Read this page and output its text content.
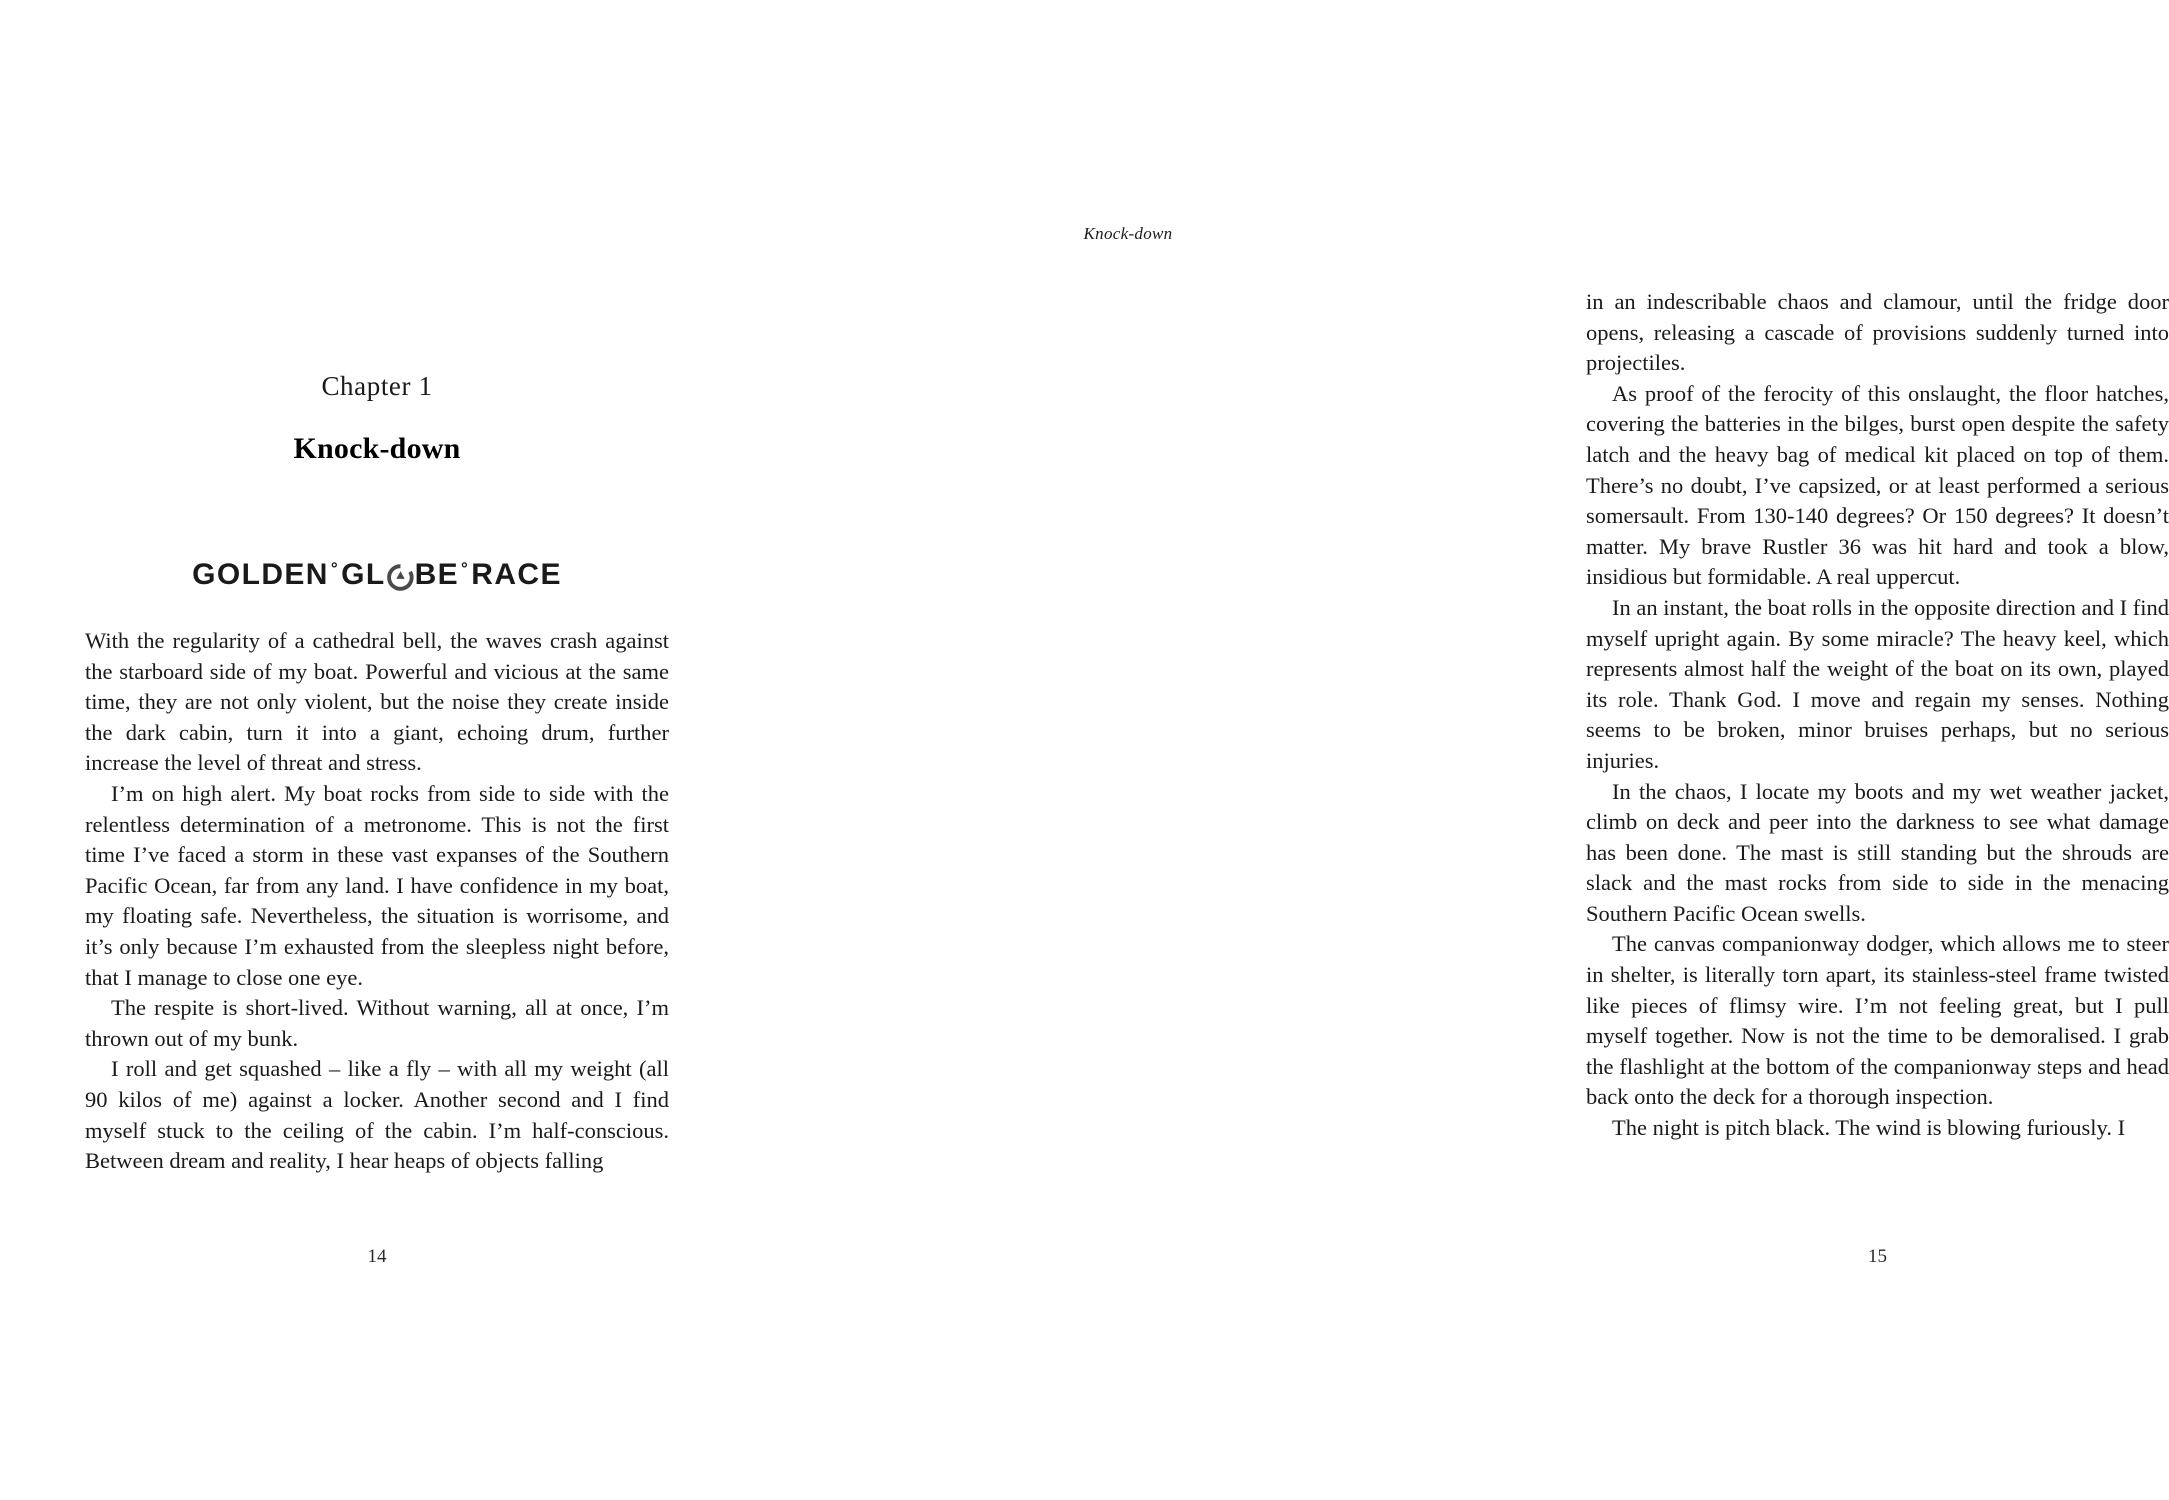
Chapter 1
Knock-down
GOLDEN ° GL BE ° RACE

With the regularity of a cathedral bell, the waves crash against the starboard side of my boat. Powerful and vicious at the same time, they are not only violent, but the noise they create inside the dark cabin, turn it into a giant, echoing drum, further increase the level of threat and stress.

I’m on high alert. My boat rocks from side to side with the relentless determination of a metronome. This is not the first time I’ve faced a storm in these vast expanses of the Southern Pacific Ocean, far from any land. I have confidence in my boat, my floating safe. Nevertheless, the situation is worrisome, and it’s only because I’m exhausted from the sleepless night before, that I manage to close one eye.

The respite is short-lived. Without warning, all at once, I’m thrown out of my bunk.

I roll and get squashed – like a fly – with all my weight (all 90 kilos of me) against a locker. Another second and I find myself stuck to the ceiling of the cabin. I’m half-conscious. Between dream and reality, I hear heaps of objects falling

14
Knock-down

in an indescribable chaos and clamour, until the fridge door opens, releasing a cascade of provisions suddenly turned into projectiles.

As proof of the ferocity of this onslaught, the floor hatches, covering the batteries in the bilges, burst open despite the safety latch and the heavy bag of medical kit placed on top of them. There’s no doubt, I’ve capsized, or at least performed a serious somersault. From 130-140 degrees? Or 150 degrees? It doesn’t matter. My brave Rustler 36 was hit hard and took a blow, insidious but formidable. A real uppercut.

In an instant, the boat rolls in the opposite direction and I find myself upright again. By some miracle? The heavy keel, which represents almost half the weight of the boat on its own, played its role. Thank God. I move and regain my senses. Nothing seems to be broken, minor bruises perhaps, but no serious injuries.

In the chaos, I locate my boots and my wet weather jacket, climb on deck and peer into the darkness to see what damage has been done. The mast is still standing but the shrouds are slack and the mast rocks from side to side in the menacing Southern Pacific Ocean swells.

The canvas companionway dodger, which allows me to steer in shelter, is literally torn apart, its stainless-steel frame twisted like pieces of flimsy wire. I’m not feeling great, but I pull myself together. Now is not the time to be demoralised. I grab the flashlight at the bottom of the companionway steps and head back onto the deck for a thorough inspection.

The night is pitch black. The wind is blowing furiously. I

15
